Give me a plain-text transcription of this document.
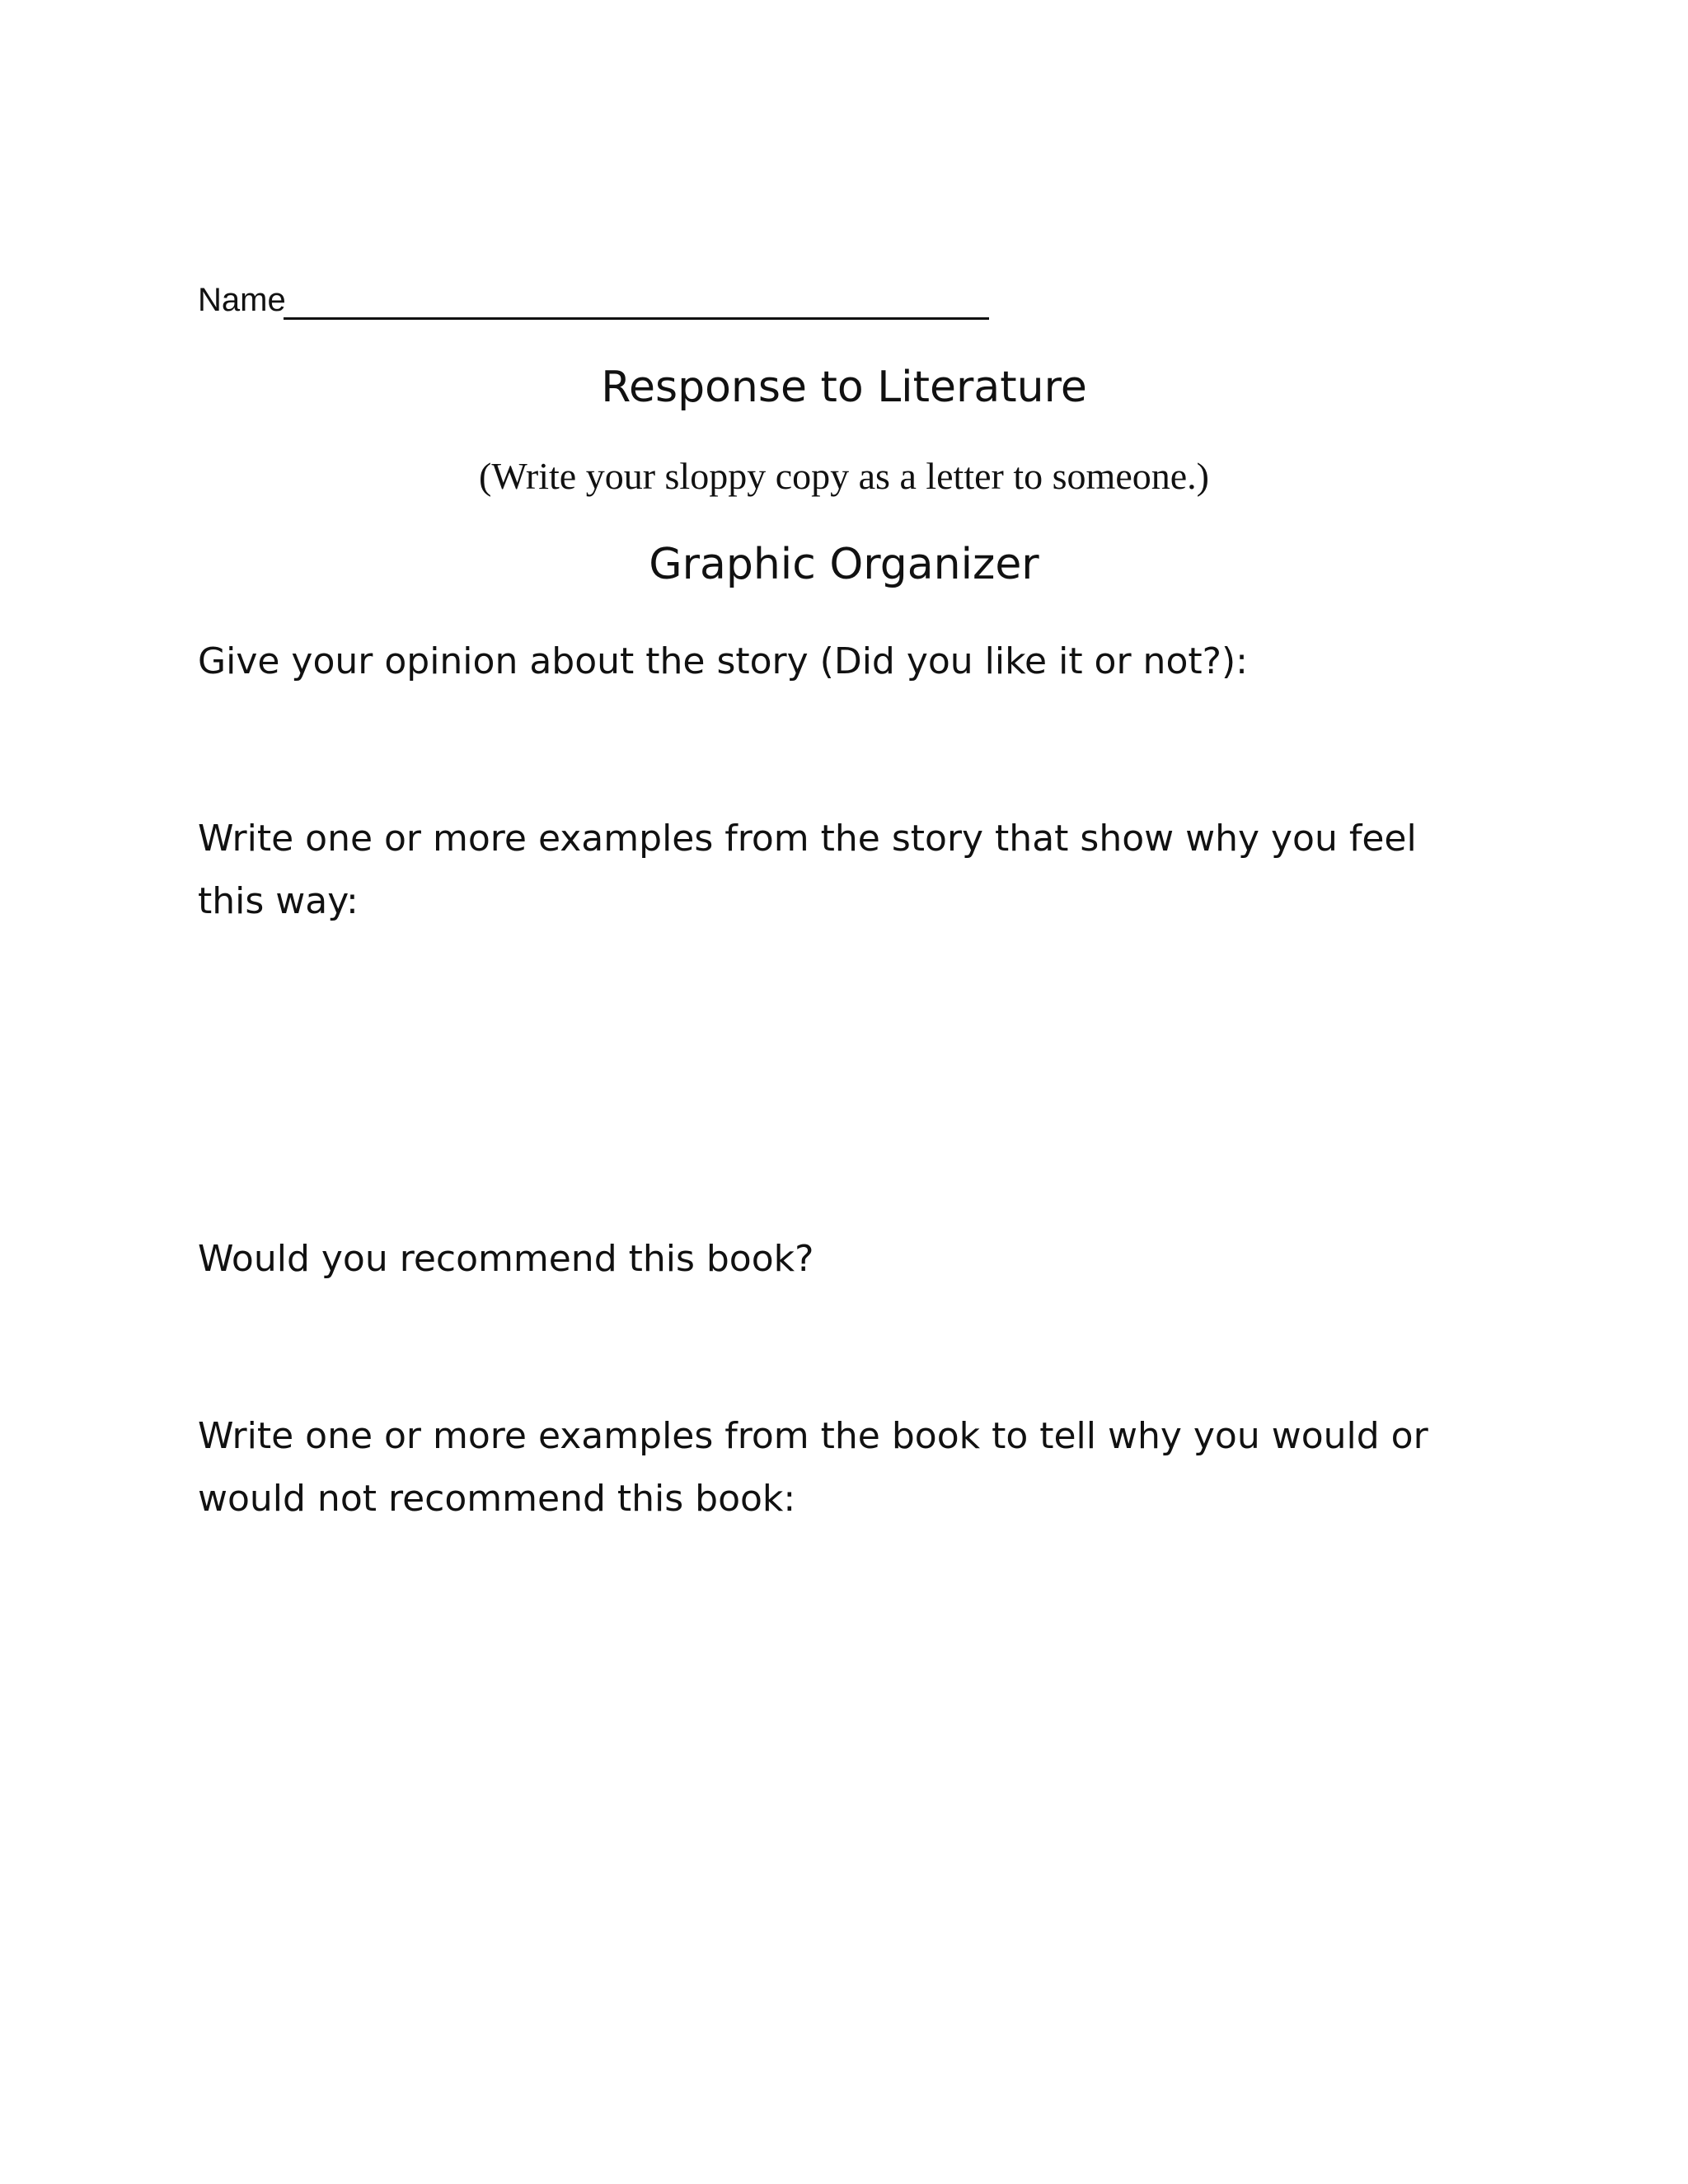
Name
Response to Literature
(Write your sloppy copy as a letter to someone.)
Graphic Organizer
Give your opinion about the story (Did you like it or not?):
Write one or more examples from the story that show why you feel this way:
Would you recommend this book?
Write one or more examples from the book to tell why you would or would not recommend this book:
